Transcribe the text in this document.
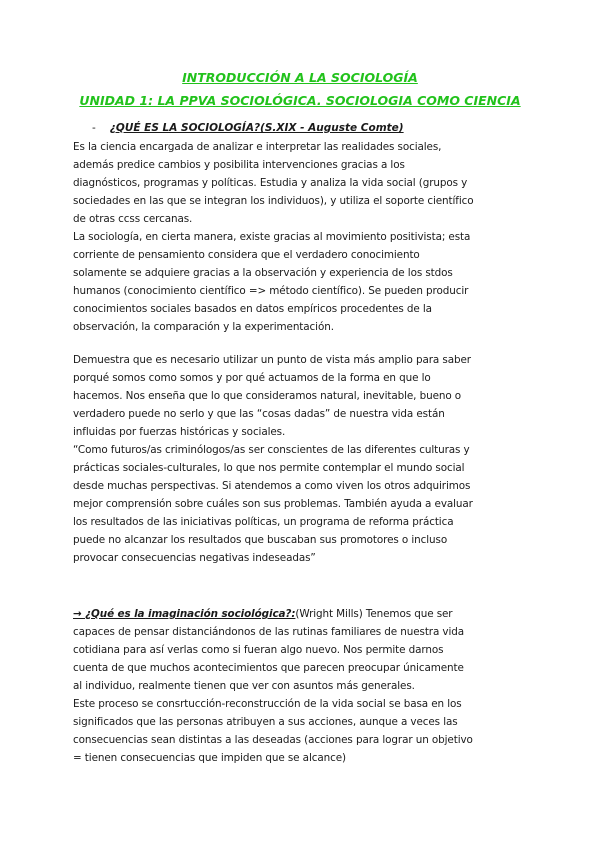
INTRODUCCIÓN A LA SOCIOLOGÍA
UNIDAD 1: LA PPVA SOCIOLÓGICA. SOCIOLOGIA COMO CIENCIA
- ¿QUÉ ES LA SOCIOLOGÍA?(S.XIX - Auguste Comte)

Es la ciencia encargada de analizar e interpretar las realidades sociales,
además predice cambios y posibilita intervenciones gracias a los
diagnósticos, programas y políticas. Estudia y analiza la vida social (grupos y
sociedades en las que se integran los individuos), y utiliza el soporte científico
de otras ccss cercanas.
La sociología, en cierta manera, existe gracias al movimiento positivista; esta
corriente de pensamiento considera que el verdadero conocimiento
solamente se adquiere gracias a la observación y experiencia de los stdos
humanos (conocimiento científico => método científico). Se pueden producir
conocimientos sociales basados en datos empíricos procedentes de la
observación, la comparación y la experimentación.

Demuestra que es necesario utilizar un punto de vista más amplio para saber
porqué somos como somos y por qué actuamos de la forma en que lo
hacemos. Nos enseña que lo que consideramos natural, inevitable, bueno o
verdadero puede no serlo y que las “cosas dadas” de nuestra vida están
influidas por fuerzas históricas y sociales.
“Como futuros/as criminólogos/as ser conscientes de las diferentes culturas y
prácticas sociales-culturales, lo que nos permite contemplar el mundo social
desde muchas perspectivas. Si atendemos a como viven los otros adquirimos
mejor comprensión sobre cuáles son sus problemas. También ayuda a evaluar
los resultados de las iniciativas políticas, un programa de reforma práctica
puede no alcanzar los resultados que buscaban sus promotores o incluso
provocar consecuencias negativas indeseadas”

→ ¿Qué es la imaginación sociológica?:(Wright Mills) Tenemos que ser
capaces de pensar distanciándonos de las rutinas familiares de nuestra vida
cotidiana para así verlas como si fueran algo nuevo. Nos permite darnos
cuenta de que muchos acontecimientos que parecen preocupar únicamente
al individuo, realmente tienen que ver con asuntos más generales.
Este proceso se consrtucción-reconstrucción de la vida social se basa en los
significados que las personas atribuyen a sus acciones, aunque a veces las
consecuencias sean distintas a las deseadas (acciones para lograr un objetivo
= tienen consecuencias que impiden que se alcance)
